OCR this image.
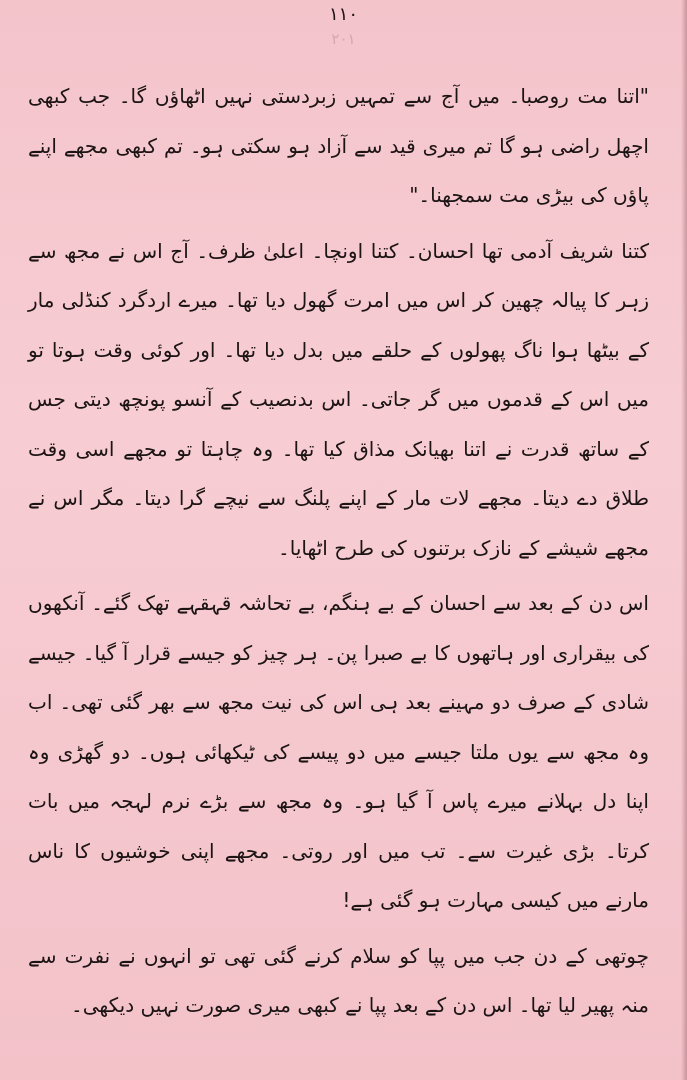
۱۱۰
۲۰۱

"اتنا مت روصبا۔ میں آج سے تمہیں زبردستی نہیں اٹھاؤں گا۔ جب کبھی اچھل راضی ہو گا تم میری قید سے آزاد ہو سکتی ہو۔ تم کبھی مجھے اپنے پاؤں کی بیڑی مت سمجھنا۔"

کتنا شریف آدمی تھا احسان۔ کتنا اونچا۔ اعلیٰ ظرف۔ آج اس نے مجھ سے زہر کا پیالہ چھین کر اس میں امرت گھول دیا تھا۔ میرے اردگرد کنڈلی مار کے بیٹھا ہوا ناگ پھولوں کے حلقے میں بدل دیا تھا۔ اور کوئی وقت ہوتا تو میں اس کے قدموں میں گر جاتی۔ اس بدنصیب کے آنسو پونچھ دیتی جس کے ساتھ قدرت نے اتنا بھیانک مذاق کیا تھا۔ وہ چاہتا تو مجھے اسی وقت طلاق دے دیتا۔ مجھے لات مار کے اپنے پلنگ سے نیچے گرا دیتا۔ مگر اس نے مجھے شیشے کے نازک برتنوں کی طرح اٹھایا۔

اس دن کے بعد سے احسان کے بے ہنگم، بے تحاشہ قہقہے تھک گئے۔ آنکھوں کی بیقراری اور ہاتھوں کا بے صبرا پن۔ ہر چیز کو جیسے قرار آ گیا۔ جیسے شادی کے صرف دو مہینے بعد ہی اس کی نیت مجھ سے بھر گئی تھی۔ اب وہ مجھ سے یوں ملتا جیسے میں دو پیسے کی ٹیکھائی ہوں۔ دو گھڑی وہ اپنا دل بہلانے میرے پاس آ گیا ہو۔ وہ مجھ سے بڑے نرم لہجہ میں بات کرتا۔ بڑی غیرت سے۔ تب میں اور روتی۔ مجھے اپنی خوشیوں کا ناس مارنے میں کیسی مہارت ہو گئی ہے!

چوتھی کے دن جب میں پپا کو سلام کرنے گئی تھی تو انہوں نے نفرت سے منہ پھیر لیا تھا۔ اس دن کے بعد پپا نے کبھی میری صورت نہیں دیکھی۔
